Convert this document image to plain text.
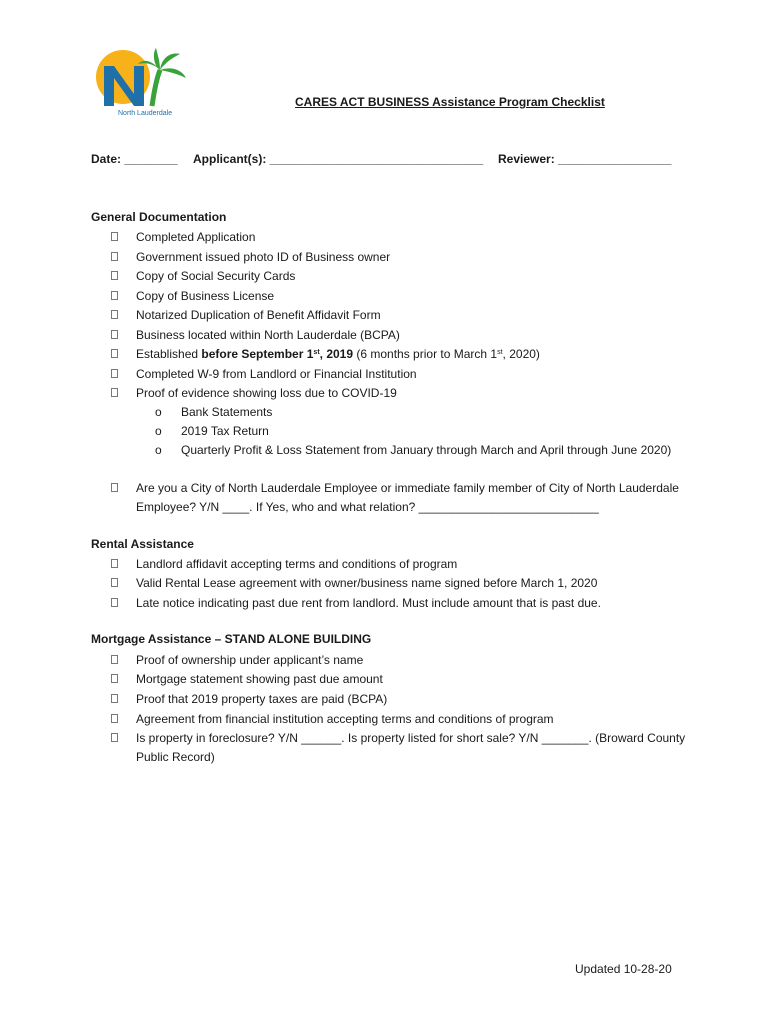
North Lauderdale
CARES ACT BUSINESS Assistance Program Checklist
Date: ________ Applicant(s): ________________________________ Reviewer: _________________
General Documentation
Completed Application
Government issued photo ID of Business owner
Copy of Social Security Cards
Copy of Business License
Notarized Duplication of Benefit Affidavit Form
Business located within North Lauderdale (BCPA)
Established before September 1st, 2019 (6 months prior to March 1st, 2020)
Completed W-9 from Landlord or Financial Institution
Proof of evidence showing loss due to COVID-19
o Bank Statements
o 2019 Tax Return
o Quarterly Profit & Loss Statement from January through March and April through June 2020)
Are you a City of North Lauderdale Employee or immediate family member of City of North Lauderdale Employee? Y/N ____. If Yes, who and what relation? ___________________________
Rental Assistance
Landlord affidavit accepting terms and conditions of program
Valid Rental Lease agreement with owner/business name signed before March 1, 2020
Late notice indicating past due rent from landlord. Must include amount that is past due.
Mortgage Assistance – STAND ALONE BUILDING
Proof of ownership under applicant’s name
Mortgage statement showing past due amount
Proof that 2019 property taxes are paid (BCPA)
Agreement from financial institution accepting terms and conditions of program
Is property in foreclosure? Y/N ______. Is property listed for short sale? Y/N _______. (Broward County Public Record)
Updated 10-28-20
